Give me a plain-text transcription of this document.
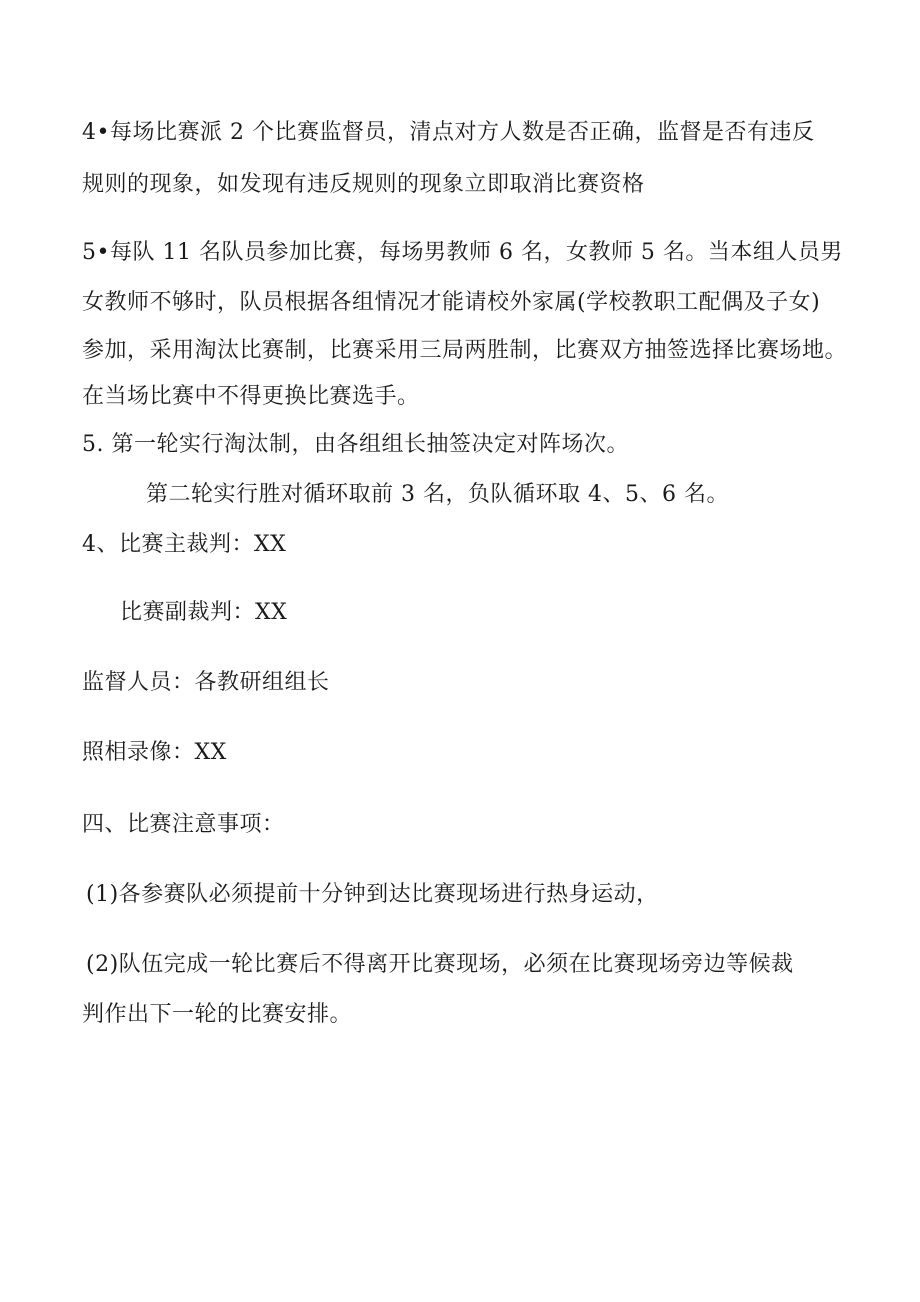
4•每场比赛派 2 个比赛监督员，清点对方人数是否正确，监督是否有违反
规则的现象，如发现有违反规则的现象立即取消比赛资格
5•每队 11 名队员参加比赛，每场男教师 6 名，女教师 5 名。当本组人员男
女教师不够时，队员根据各组情况才能请校外家属(学校教职工配偶及子女)
参加，采用淘汰比赛制，比赛采用三局两胜制，比赛双方抽签选择比赛场地。
在当场比赛中不得更换比赛选手。
5. 第一轮实行淘汰制，由各组组长抽签决定对阵场次。
第二轮实行胜对循环取前 3 名，负队循环取 4、5、6 名。
4、比赛主裁判：XX
比赛副裁判：XX
监督人员：各教研组组长
照相录像：XX
四、比赛注意事项：
(1)各参赛队必须提前十分钟到达比赛现场进行热身运动，
(2)队伍完成一轮比赛后不得离开比赛现场，必须在比赛现场旁边等候裁
判作出下一轮的比赛安排。
